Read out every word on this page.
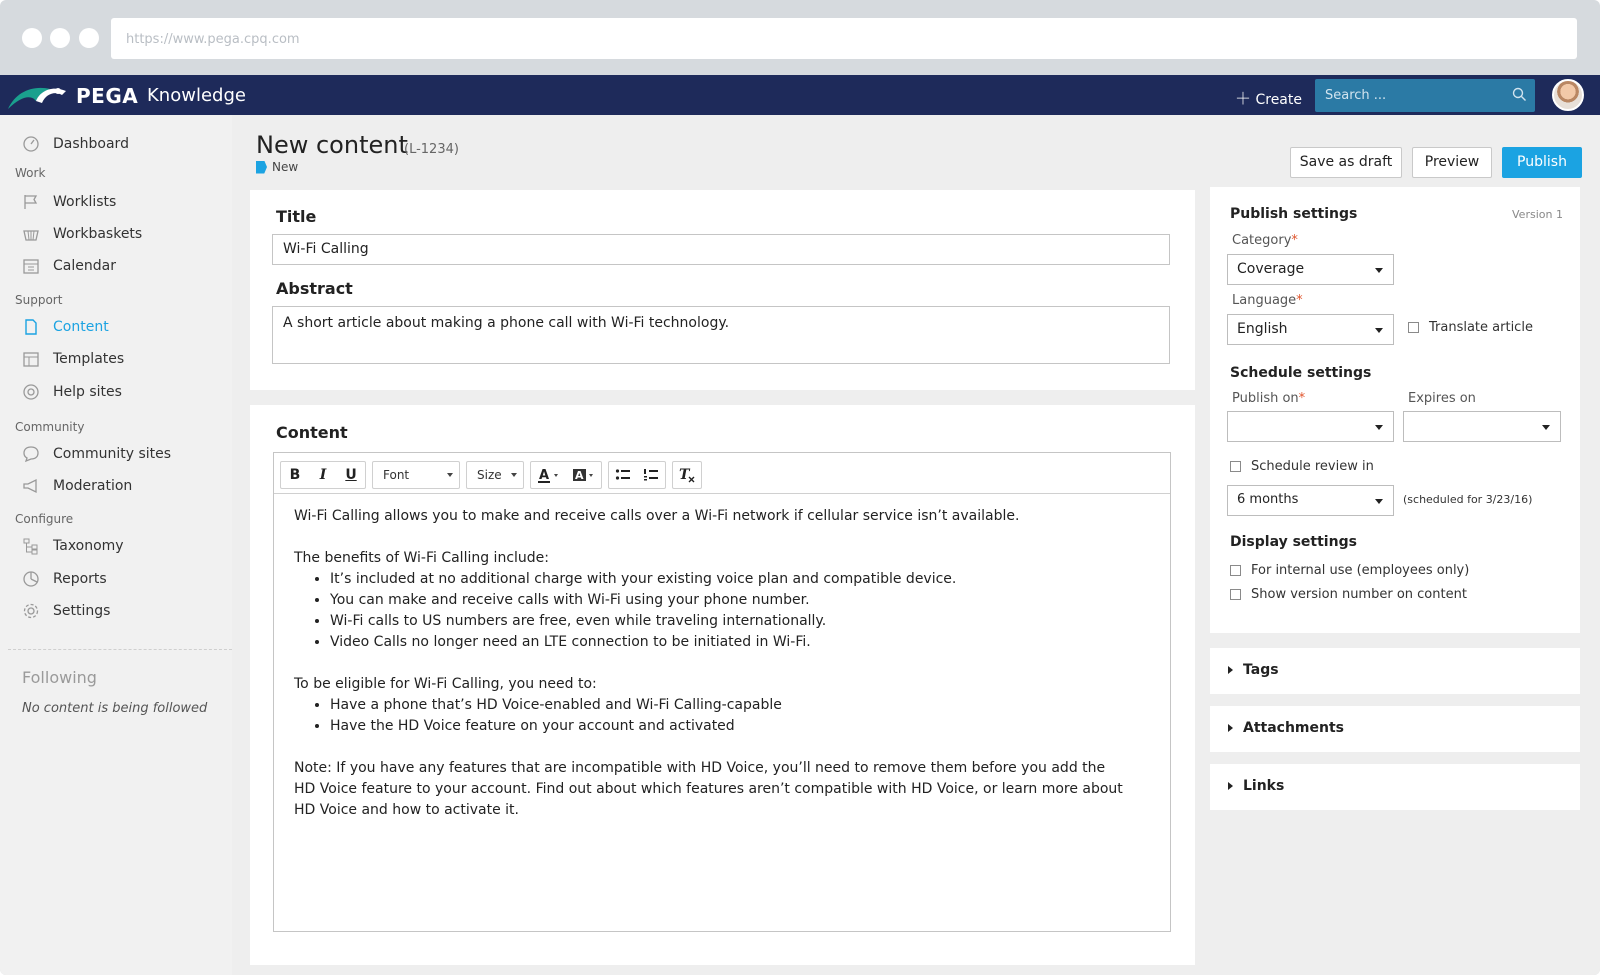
https://www.pega.cpq.com
PEGA Knowledge	＋ Create
Search ...
Dashboard
Work
Worklists
Workbaskets
Calendar
Support
Content
Templates
Help sites
Community
Community sites
Moderation
Configure
Taxonomy
Reports
Settings
Following
No content is being followed
New content
(L-1234)
New	Save as draft	Preview	Publish
Title
Wi-Fi Calling
Abstract
A short article about making a phone call with Wi-Fi technology.
Content
B	I	U	Font	Size	A A	T
Wi-Fi Calling allows you to make and receive calls over a Wi-Fi network if cellular service isn’t available.
The benefits of Wi-Fi Calling include:
• It’s included at no additional charge with your existing voice plan and compatible device.
• You can make and receive calls with Wi-Fi using your phone number.
• Wi-Fi calls to US numbers are free, even while traveling internationally.
• Video Calls no longer need an LTE connection to be initiated in Wi-Fi.
To be eligible for Wi-Fi Calling, you need to:
• Have a phone that’s HD Voice-enabled and Wi-Fi Calling-capable
• Have the HD Voice feature on your account and activated
Note: If you have any features that are incompatible with HD Voice, you’ll need to remove them before you add the
HD Voice feature to your account. Find out about which features aren’t compatible with HD Voice, or learn more about
HD Voice and how to activate it.
Publish settings	Version 1
Category*
Coverage
Language*
English	Translate article
Schedule settings
Publish on*	Expires on
Schedule review in
6 months	(scheduled for 3/23/16)
Display settings
For internal use (employees only)
Show version number on content
Tags
Attachments
Links
